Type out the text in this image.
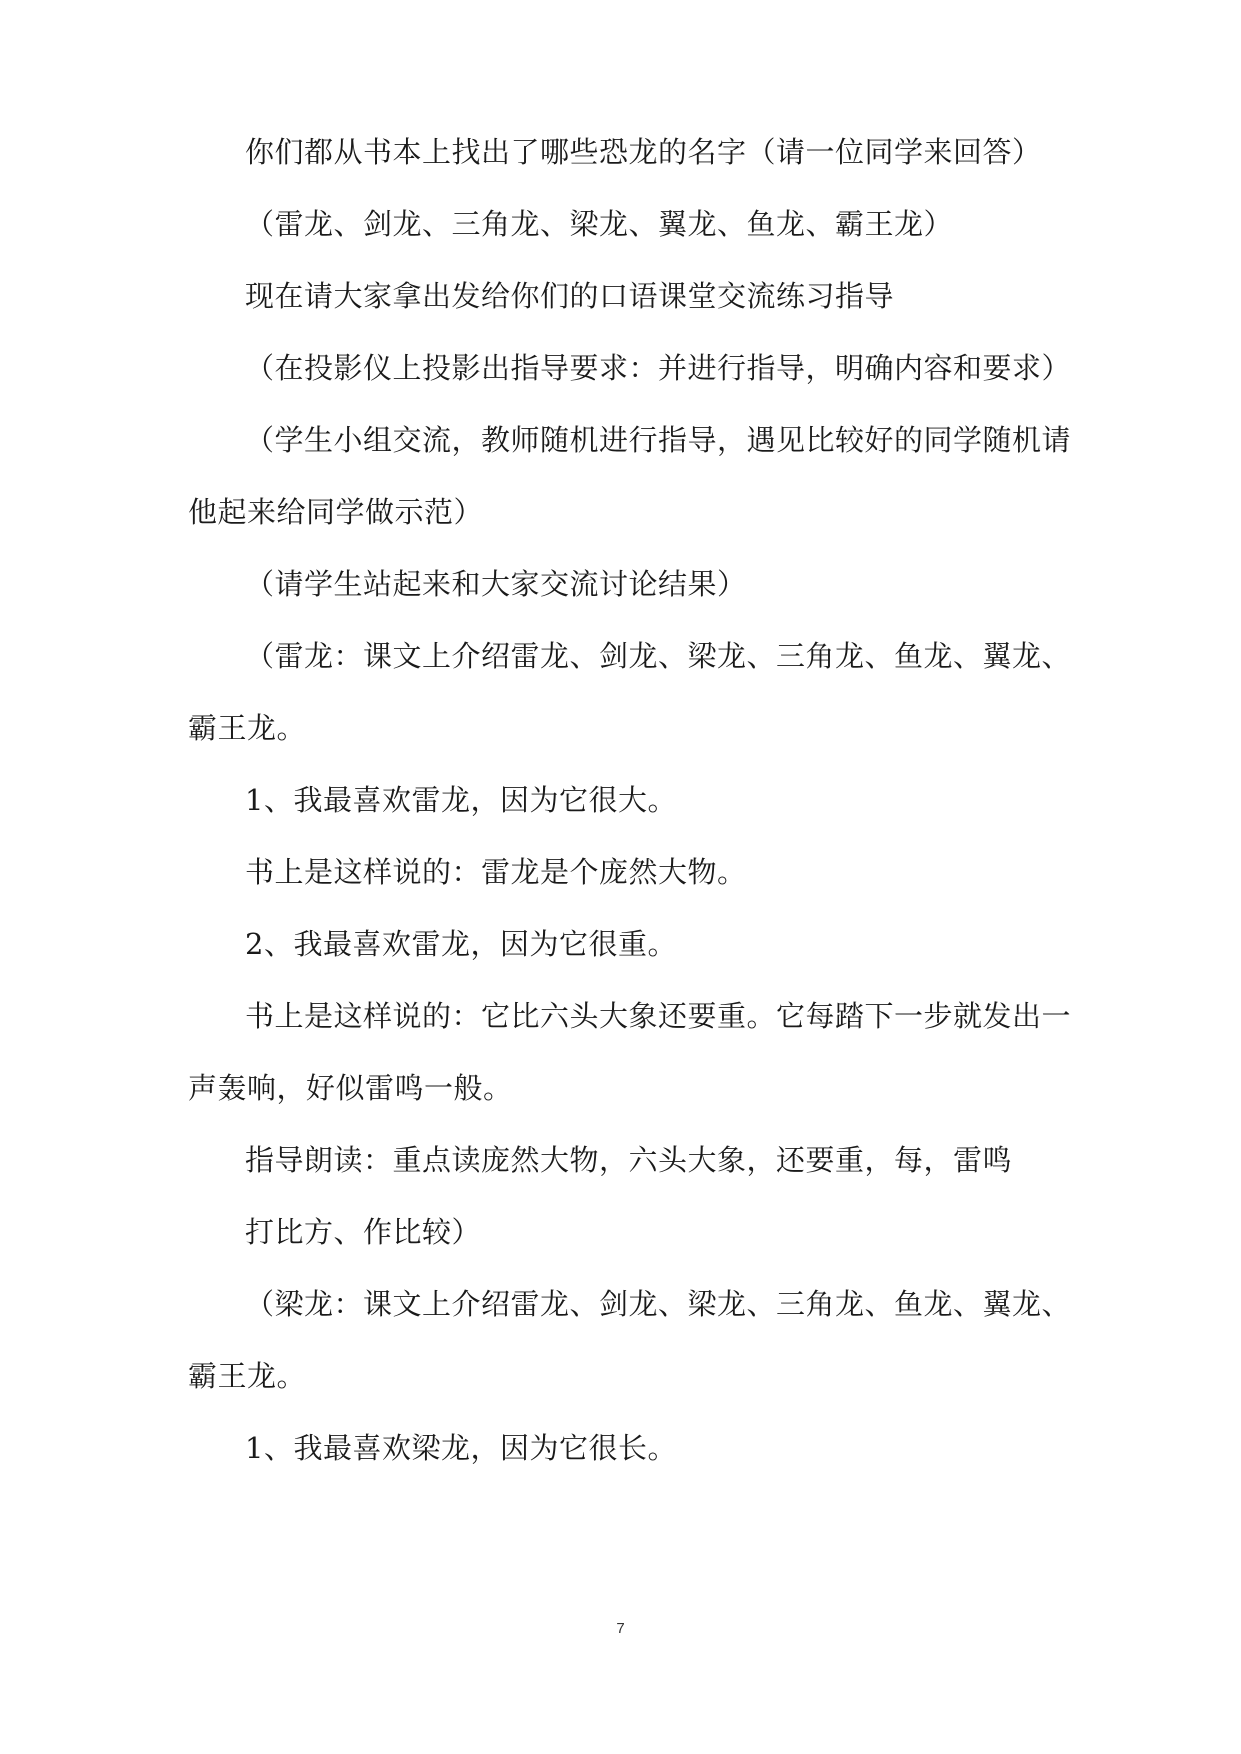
你们都从书本上找出了哪些恐龙的名字（请一位同学来回答）
（雷龙、剑龙、三角龙、梁龙、翼龙、鱼龙、霸王龙）
现在请大家拿出发给你们的口语课堂交流练习指导
（在投影仪上投影出指导要求：并进行指导，明确内容和要求）
（学生小组交流，教师随机进行指导，遇见比较好的同学随机请
他起来给同学做示范）
（请学生站起来和大家交流讨论结果）
（雷龙：课文上介绍雷龙、剑龙、梁龙、三角龙、鱼龙、翼龙、
霸王龙。
1、我最喜欢雷龙，因为它很大。
书上是这样说的：雷龙是个庞然大物。
2、我最喜欢雷龙，因为它很重。
书上是这样说的：它比六头大象还要重。它每踏下一步就发出一
声轰响，好似雷鸣一般。
指导朗读：重点读庞然大物，六头大象，还要重，每，雷鸣
打比方、作比较）
（梁龙：课文上介绍雷龙、剑龙、梁龙、三角龙、鱼龙、翼龙、
霸王龙。
1、我最喜欢梁龙，因为它很长。
7
